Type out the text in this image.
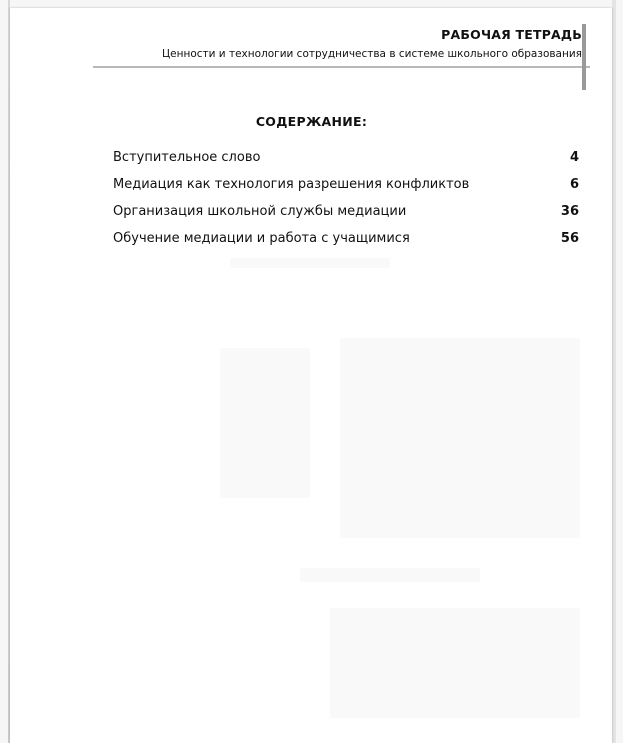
РАБОЧАЯ ТЕТРАДЬ
Ценности и технологии сотрудничества в системе школьного образования
СОДЕРЖАНИЕ:
Вступительное слово	4
Медиация как технология разрешения конфликтов	6
Организация школьной службы медиации	36
Обучение медиации и работа с учащимися	56
